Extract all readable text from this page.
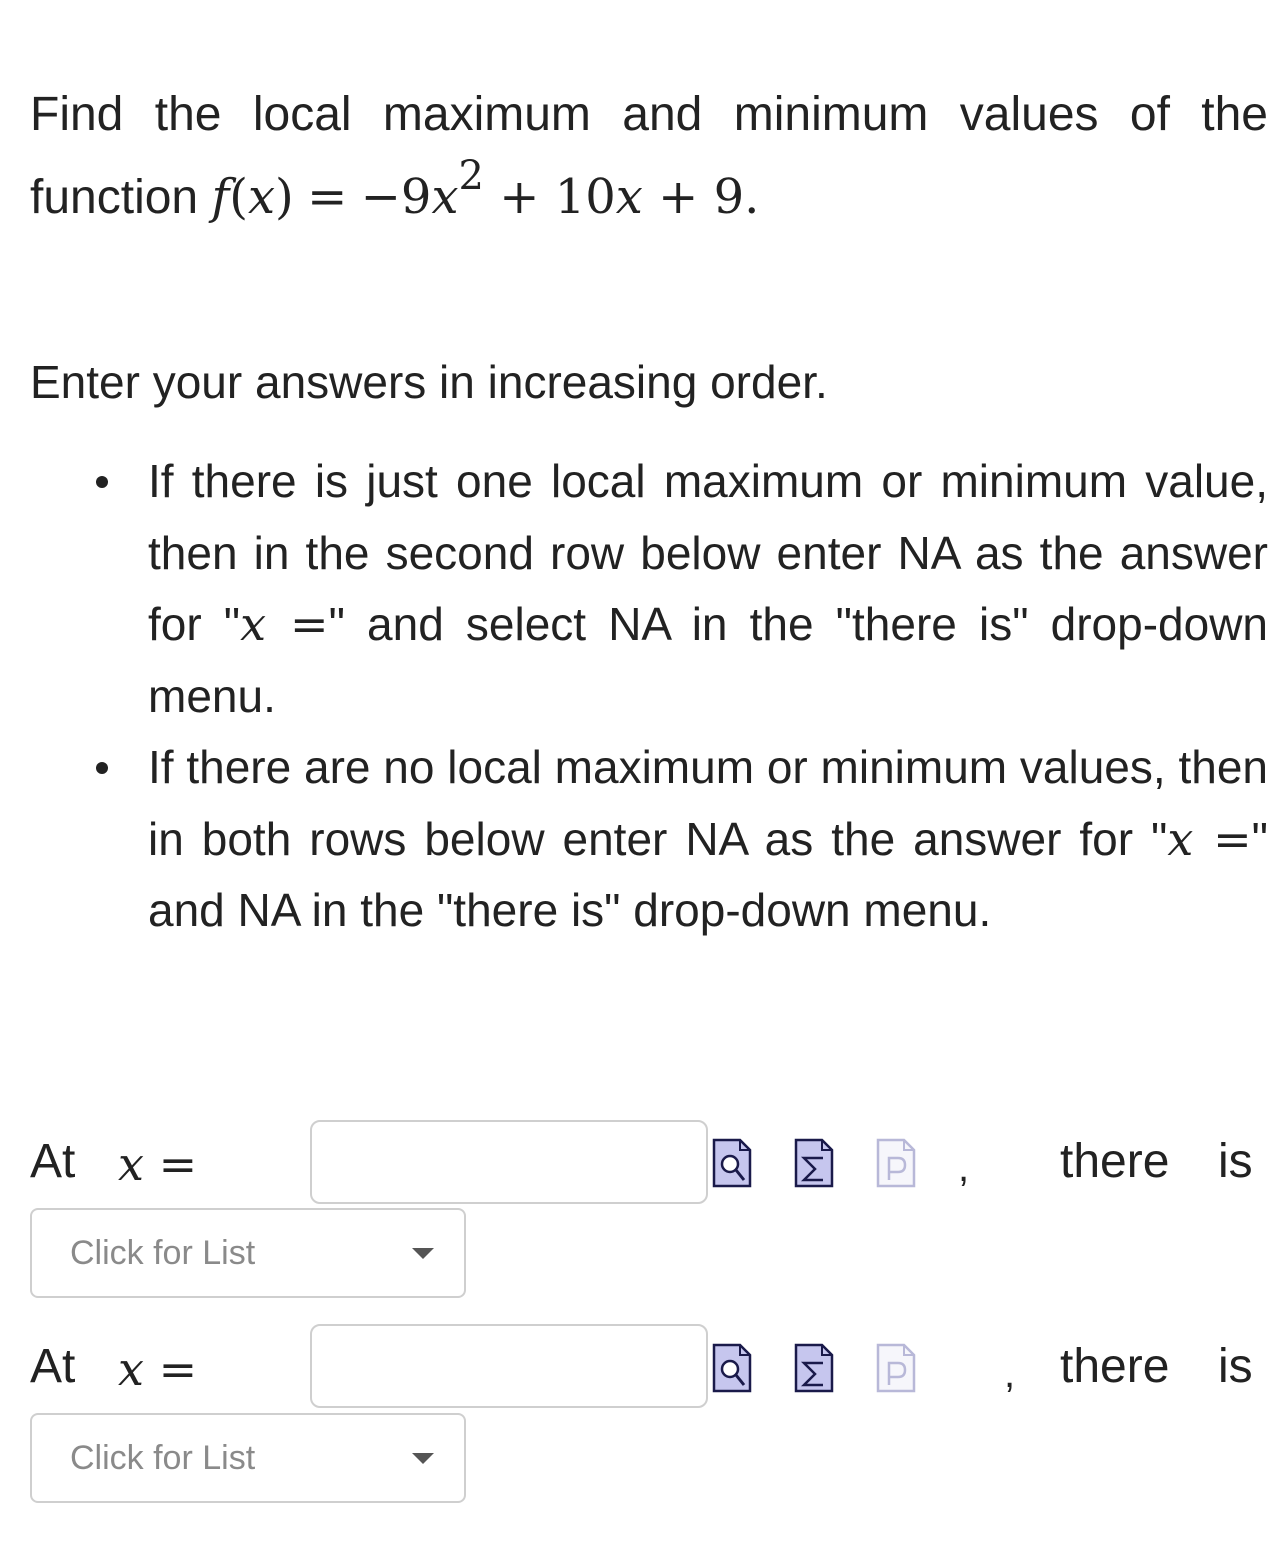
Find the local maximum and minimum values of the function $f(x) = -9x^2 + 10x + 9$.
Enter your answers in increasing order.
If there is just one local maximum or minimum value, then in the second row below enter NA as the answer for "x =" and select NA in the "there is" drop-down menu.
If there are no local maximum or minimum values, then in both rows below enter NA as the answer for "x =" and NA in the "there is" drop-down menu.
At x =	, there is
Click for List
At x =	, there is
Click for List
